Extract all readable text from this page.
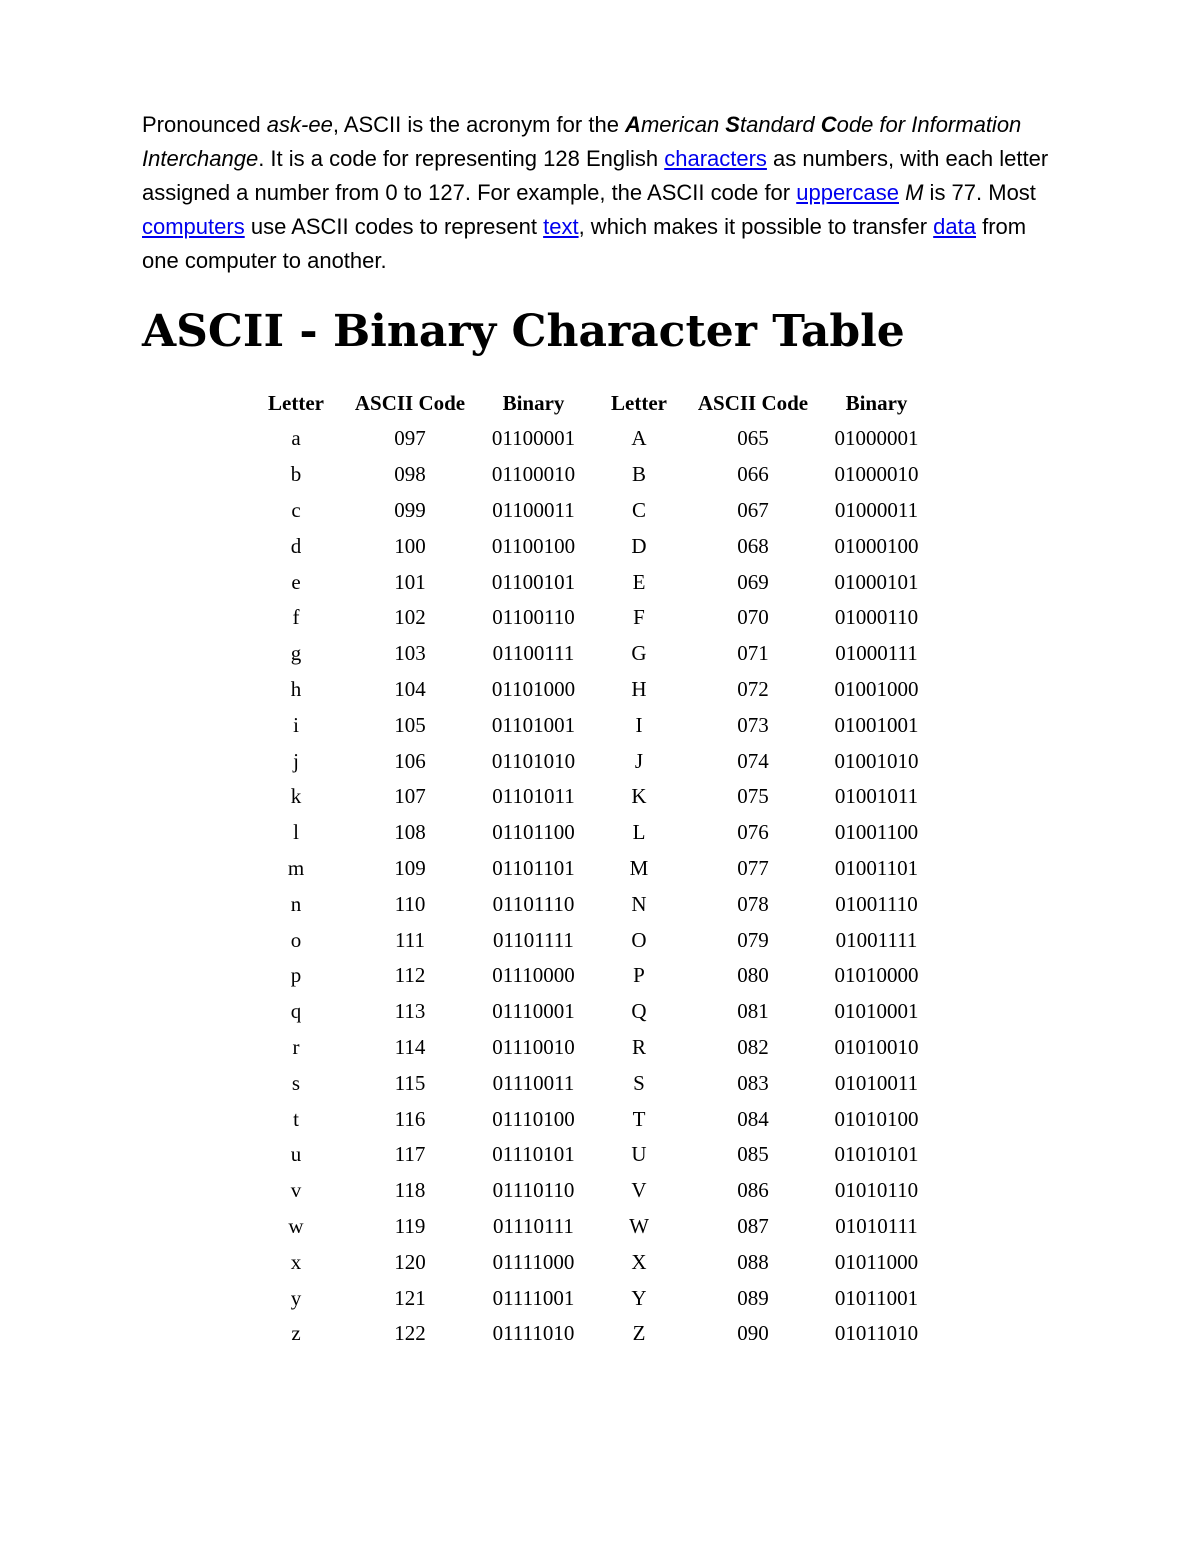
Pronounced ask-ee, ASCII is the acronym for the American Standard Code for Information Interchange. It is a code for representing 128 English characters as numbers, with each letter assigned a number from 0 to 127. For example, the ASCII code for uppercase M is 77. Most computers use ASCII codes to represent text, which makes it possible to transfer data from one computer to another.

ASCII - Binary Character Table
Letter	ASCII Code	Binary	Letter	ASCII Code	Binary
a	097	01100001	A	065	01000001
b	098	01100010	B	066	01000010
c	099	01100011	C	067	01000011
d	100	01100100	D	068	01000100
e	101	01100101	E	069	01000101
f	102	01100110	F	070	01000110
g	103	01100111	G	071	01000111
h	104	01101000	H	072	01001000
i	105	01101001	I	073	01001001
j	106	01101010	J	074	01001010
k	107	01101011	K	075	01001011
l	108	01101100	L	076	01001100
m	109	01101101	M	077	01001101
n	110	01101110	N	078	01001110
o	111	01101111	O	079	01001111
p	112	01110000	P	080	01010000
q	113	01110001	Q	081	01010001
r	114	01110010	R	082	01010010
s	115	01110011	S	083	01010011
t	116	01110100	T	084	01010100
u	117	01110101	U	085	01010101
v	118	01110110	V	086	01010110
w	119	01110111	W	087	01010111
x	120	01111000	X	088	01011000
y	121	01111001	Y	089	01011001
z	122	01111010	Z	090	01011010
